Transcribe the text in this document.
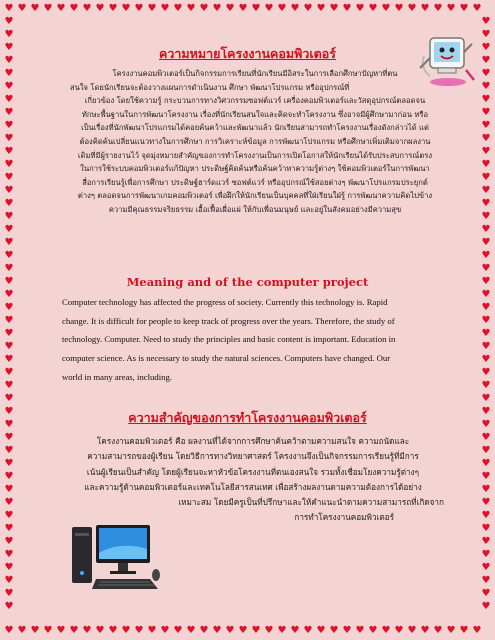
♥
♥
♥
♥
♥
♥
♥
♥
♥
♥
♥
♥
♥
♥
♥
♥
♥
♥
♥
♥
♥
♥
♥
♥
♥
♥
♥
♥
♥
♥
♥
♥
♥
♥
♥
♥
♥
♥
♥
♥
♥
♥
♥
♥
♥
♥
♥
♥
♥
♥
♥
♥
♥
♥
♥
♥
♥
♥
♥
♥
♥
♥
♥
♥
♥
♥
♥
♥
♥
♥
♥
♥
♥
♥
♥	♥
♥	♥
♥	♥
♥	♥
♥	♥
♥	♥
♥	♥
♥	♥
♥	♥
♥	♥
♥	♥
♥	♥
♥	♥
♥	♥
♥	♥
♥	♥
♥	♥
♥	♥
♥	♥
♥	♥
♥	♥
♥	♥
♥	♥
♥	♥
♥	♥
♥	♥
♥	♥
♥	♥
♥	♥
♥	♥
♥	♥
♥	♥
♥	♥
♥	♥
♥	♥
♥	♥
♥	♥
♥	♥
♥	♥
♥	♥
♥	♥
♥	♥
♥	♥
♥	♥
♥	♥
♥	♥
ความหมายโครงงานคอมพิวเตอร์
โครงงานคอมพิวเตอร์เป็นกิจกรรมการเรียนที่นักเรียนมีอิสระในการเลือกศึกษาปัญหาที่ตน
สนใจ โดยนักเรียนจะต้องวางแผนการดำเนินงาน ศึกษา พัฒนาโปรแกรม หรืออุปกรณ์ที่
เกี่ยวข้อง โดยใช้ความรู้ กระบวนการทางวิศวกรรมซอฟต์แวร์ เครื่องคอมพิวเตอร์และวัสดุอุปกรณ์ตลอดจน
ทักษะพื้นฐานในการพัฒนาโครงงาน เรื่องที่นักเรียนสนใจและคิดจะทำโครงงาน ซึ่งอาจมีผู้ศึกษามาก่อน หรือ
เป็นเรื่องที่นักพัฒนาโปรแกรมได้คอยค้นคว้าและพัฒนาแล้ว นักเรียนสามารถทำโครงงานเรื่องดังกล่าวได้ แต่
ต้องคิดค้นเปลี่ยนแนวทางในการศึกษา การวิเคราะห์ข้อมูล การพัฒนาโปรแกรม หรือศึกษาเพิ่มเติมจากผลงาน
เดิมที่มีผู้รายงานไว้ จุดมุ่งหมายสำคัญของการทำโครงงานเป็นการเปิดโอกาสให้นักเรียนได้รับประสบการณ์ตรง
ในการใช้ระบบคอมพิวเตอร์แก้ปัญหา ประดิษฐ์คิดค้นหรือค้นคว้าหาความรู้ต่างๆ ใช้คอมพิวเตอร์ในการพัฒนา
สื่อการเรียนรู้เพื่อการศึกษา ประดิษฐ์ฮาร์ดแวร์ ซอฟต์แวร์ หรืออุปกรณ์ใช้สอยต่างๆ พัฒนาโปรแกรมประยุกต์
ต่างๆ ตลอดจนการพัฒนาเกมคอมพิวเตอร์ เพื่อฝึกให้นักเรียนเป็นบุคคลที่ใฝ่เรียนใฝ่รู้ การพัฒนาความคิดไปข้าง
ความมีคุณธรรมจริยธรรม เอื้อเฟื้อเผื่อแผ่ ให้กับเพื่อนมนุษย์ และอยู่ในสังคมอย่างมีความสุข
Meaning and of the computer project
Computer technology has affected the progress of society. Currently this technology is. Rapid
change. It is difficult for people to keep track of progress over the years. Therefore, the study of
technology. Computer. Need to study the principles and basic content is important. Education in
computer science. As is necessary to study the natural sciences. Computers have changed. Our
world in many areas, including.
ความสำคัญของการทำโครงงานคอมพิวเตอร์
โครงงานคอมพิวเตอร์ คือ ผลงานที่ได้จากการศึกษาค้นคว้าตามความสนใจ ความถนัดและ
ความสามารถของผู้เรียน โดยวิธีการทางวิทยาศาสตร์ โครงงานจึงเป็นกิจกรรมการเรียนรู้ที่มีการ
เน้นผู้เรียนเป็นสำคัญ โดยผู้เรียนจะหาหัวข้อโครงงานที่ตนเองสนใจ รวมทั้งเชื่อมโยงความรู้ต่างๆ
และความรู้ด้านคอมพิวเตอร์และเทคโนโลยีสารสนเทศ เพื่อสร้างผลงานตามความต้องการได้อย่าง
เหมาะสม โดยมีครูเป็นที่ปรึกษาและให้คำแนะนำตามความสามารถที่เกิดจาก
การทำโครงงานคอมพิวเตอร์
